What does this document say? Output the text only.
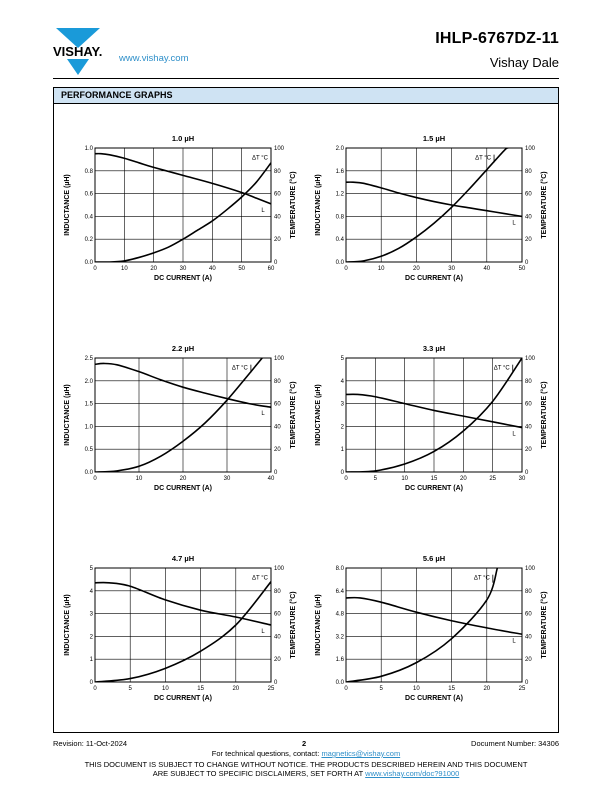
VISHAY. www.vishay.com
IHLP-6767DZ-11
Vishay Dale
PERFORMANCE GRAPHS
1.0 µH
0	10	20	30	40	50	60
0.0
0.2
0.4
0.6
0.8
1.0
0
20
40
60
80
100
DC CURRENT (A)
INDUCTANCE (µH)	TEMPERATURE (°C)
L
ΔT °C
1.5 µH
0	10	20	30	40	50
0.0
0.4
0.8
1.2
1.6
2.0
0
20
40
60
80
100
DC CURRENT (A)
INDUCTANCE (µH)	TEMPERATURE (°C)
L
ΔT °C
2.2 µH
0	10	20	30	40
0.0
0.5
1.0
1.5
2.0
2.5
0
20
40
60
80
100
DC CURRENT (A)
INDUCTANCE (µH)	TEMPERATURE (°C)
L
ΔT °C
3.3 µH
0	5	10	15	20	25	30
0
1
2
3
4
5
0
20
40
60
80
100
DC CURRENT (A)
INDUCTANCE (µH)	TEMPERATURE (°C)
L
ΔT °C
4.7 µH
0	5	10	15	20	25
0
1
2
3
4
5
0
20
40
60
80
100
DC CURRENT (A)
INDUCTANCE (µH)	TEMPERATURE (°C)
L
ΔT °C
5.6 µH
0	5	10	15	20	25
0.0
1.6
3.2
4.8
6.4
8.0
0
20
40
60
80
100
DC CURRENT (A)
INDUCTANCE (µH)	TEMPERATURE (°C)
L
ΔT °C
Revision: 11-Oct-2024	2	Document Number: 34306
For technical questions, contact: magnetics@vishay.com
THIS DOCUMENT IS SUBJECT TO CHANGE WITHOUT NOTICE. THE PRODUCTS DESCRIBED HEREIN AND THIS DOCUMENT
ARE SUBJECT TO SPECIFIC DISCLAIMERS, SET FORTH AT www.vishay.com/doc?91000
